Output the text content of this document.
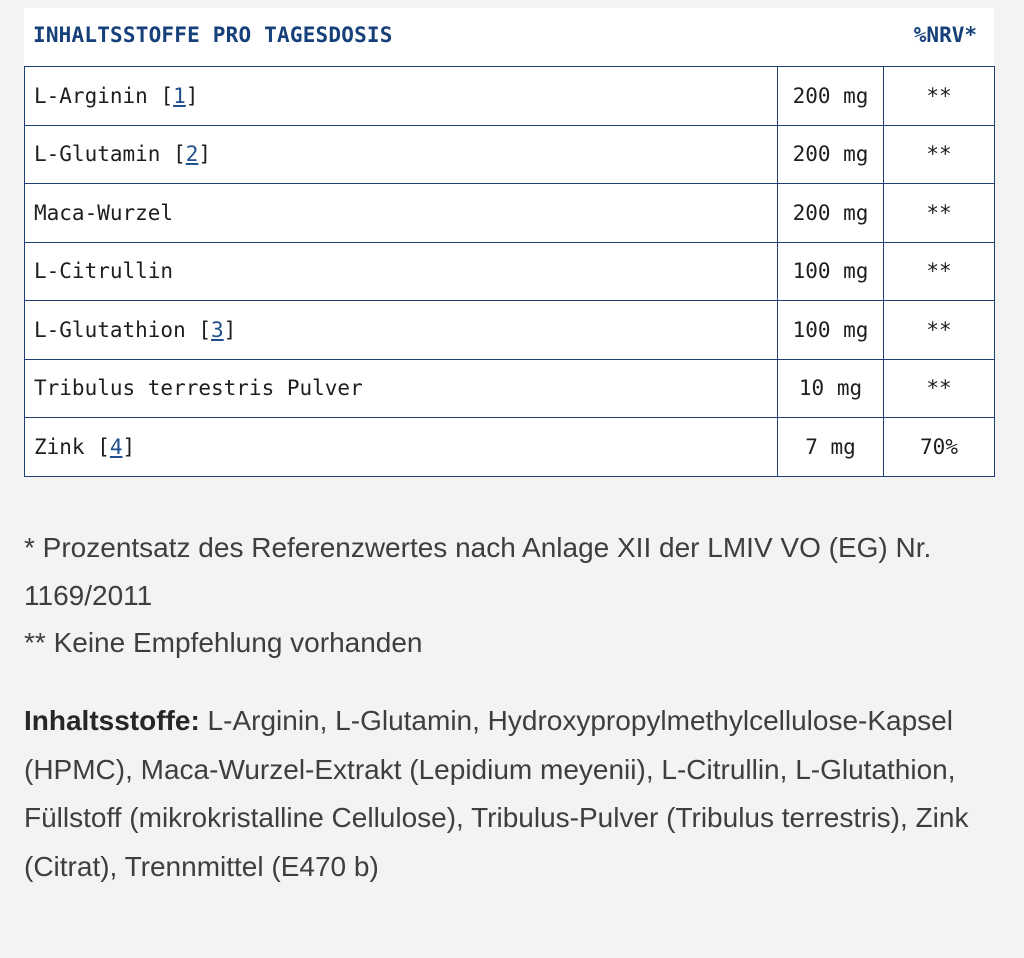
INHALTSSTOFFE PRO TAGESDOSIS	%NRV*
L-Arginin [1]	200 mg	**
L-Glutamin [2]	200 mg	**
Maca-Wurzel	200 mg	**
L-Citrullin	100 mg	**
L-Glutathion [3]	100 mg	**
Tribulus terrestris Pulver	10 mg	**
Zink [4]	7 mg	70%

* Prozentsatz des Referenzwertes nach Anlage XII der LMIV VO (EG) Nr. 1169/2011

** Keine Empfehlung vorhanden

Inhaltsstoffe: L-Arginin, L-Glutamin, Hydroxypropylmethylcellulose-Kapsel (HPMC), Maca-Wurzel-Extrakt (Lepidium meyenii), L-Citrullin, L-Glutathion, Füllstoff (mikrokristalline Cellulose), Tribulus-Pulver (Tribulus terrestris), Zink (Citrat), Trennmittel (E470 b)
